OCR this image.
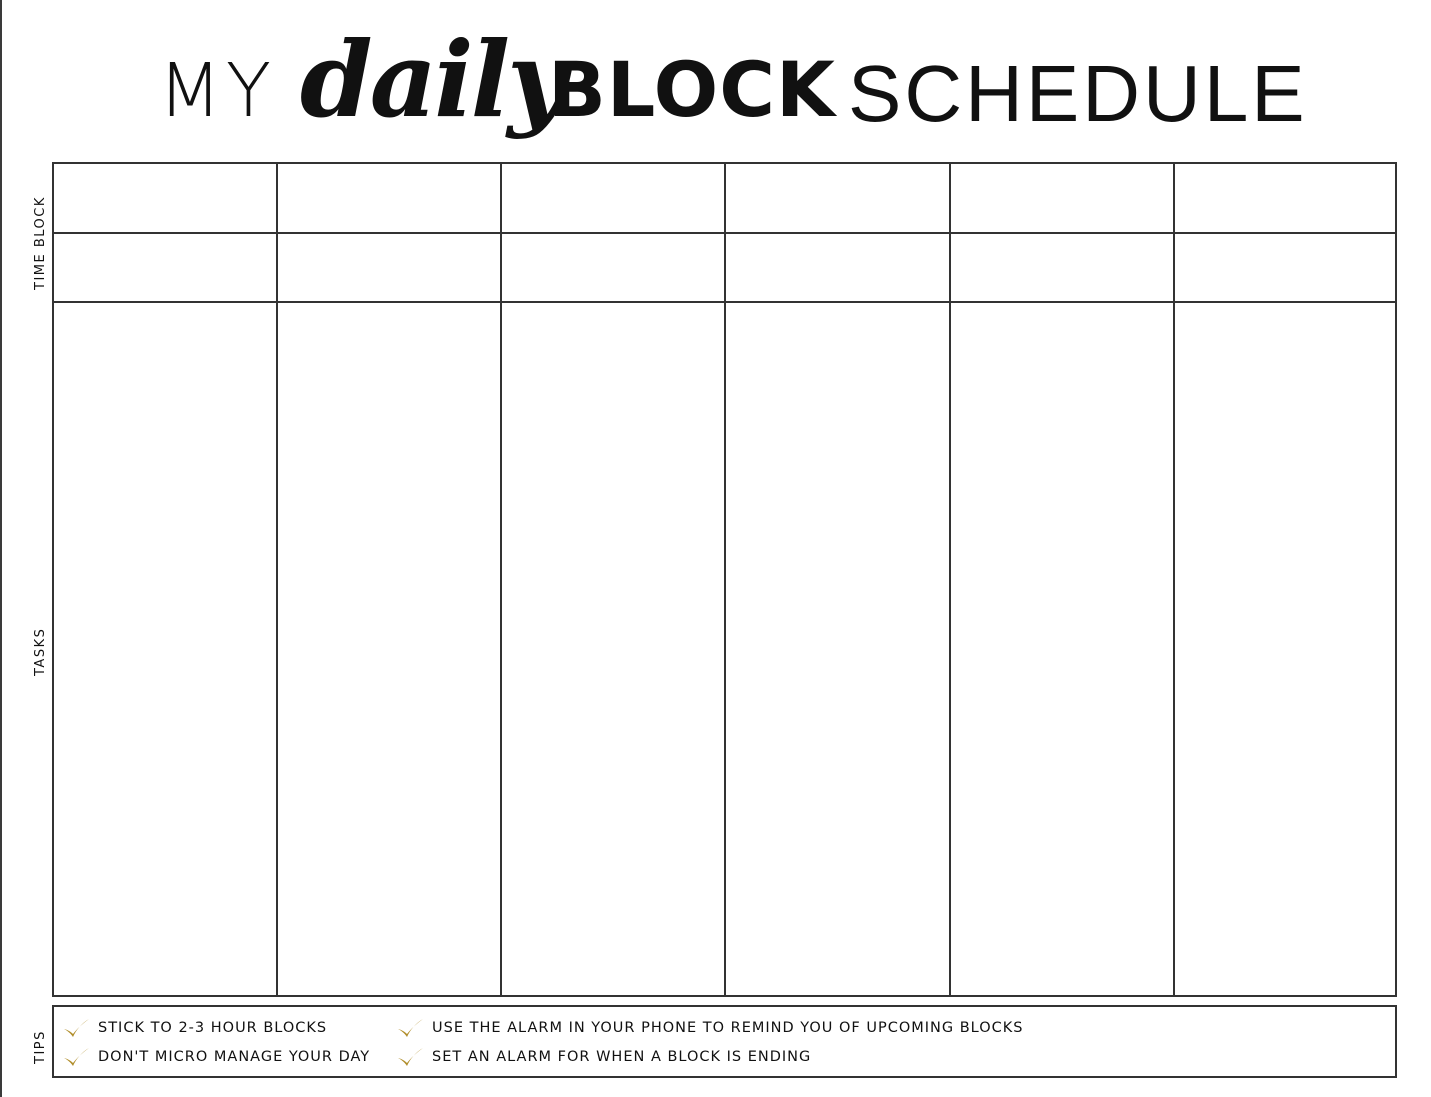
MY daily
BLOCK SCHEDULE
TIME BLOCK
TASKS
TIPS
STICK TO 2-3 HOUR BLOCKS
DON'T MICRO MANAGE YOUR DAY
USE THE ALARM IN YOUR PHONE TO REMIND YOU OF UPCOMING BLOCKS
SET AN ALARM FOR WHEN A BLOCK IS ENDING
